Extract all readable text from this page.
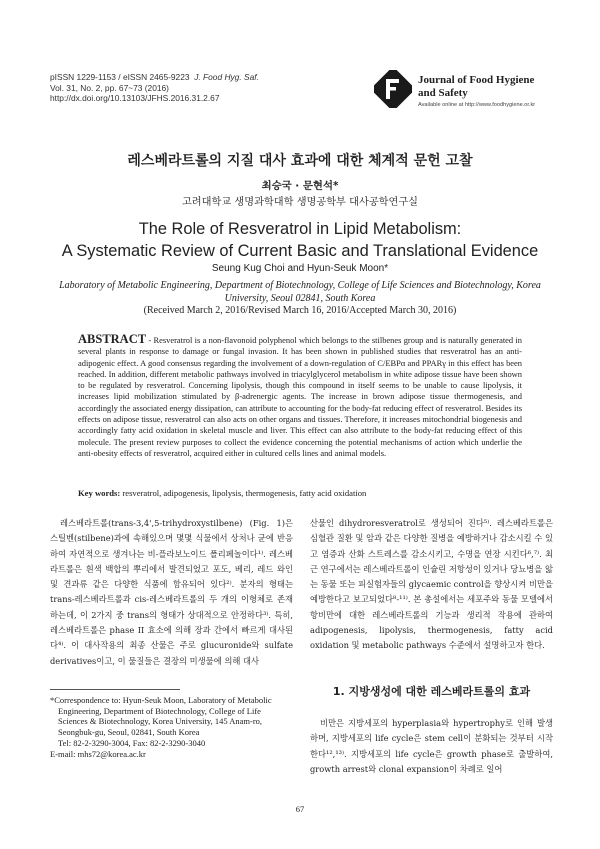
pISSN 1229-1153 / eISSN 2465-9223 J. Food Hyg. Saf.
Vol. 31, No. 2, pp. 67~73 (2016)
http://dx.doi.org/10.13103/JFHS.2016.31.2.67
Journal of Food Hygiene
and Safety
Available online at http://www.foodhygiene.or.kr
레스베라트롤의 지질 대사 효과에 대한 체계적 문헌 고찰
최승국 · 문현석*
고려대학교 생명과학대학 생명공학부 대사공학연구실
The Role of Resveratrol in Lipid Metabolism:
A Systematic Review of Current Basic and Translational Evidence
Seung Kug Choi and Hyun-Seuk Moon*
Laboratory of Metabolic Engineering, Department of Biotechnology, College of Life Sciences and Biotechnology, Korea University, Seoul 02841, South Korea
(Received March 2, 2016/Revised March 16, 2016/Accepted March 30, 2016)
ABSTRACT - Resveratrol is a non-flavonoid polyphenol which belongs to the stilbenes group and is naturally generated in several plants in response to damage or fungal invasion. It has been shown in published studies that resveratrol has an anti-adipogenic effect. A good consensus regarding the involvement of a down-regulation of C/EBPα and PPARγ in this effect has been reached. In addition, different metabolic pathways involved in triacylglycerol metabolism in white adipose tissue have been shown to be regulated by resveratrol. Concerning lipolysis, though this compound in itself seems to be unable to cause lipolysis, it increases lipid mobilization stimulated by β-adrenergic agents. The increase in brown adipose tissue thermogenesis, and accordingly the associated energy dissipation, can attribute to accounting for the body-fat reducing effect of resveratrol. Besides its effects on adipose tissue, resveratrol can also acts on other organs and tissues. Therefore, it increases mitochondrial biogenesis and accordingly fatty acid oxidation in skeletal muscle and liver. This effect can also attribute to the body-fat reducing effect of this molecule. The present review purposes to collect the evidence concerning the potential mechanisms of action which underlie the anti-obesity effects of resveratrol, acquired either in cultured cells lines and animal models.
Key words: resveratrol, adipogenesis, lipolysis, thermogenesis, fatty acid oxidation

레스베라트롤(trans-3,4',5-trihydroxystilbene) (Fig. 1)은 스틸벤(stilbene)과에 속해있으며 몇몇 식물에서 상처나 균에 반응하여 자연적으로 생겨나는 비-플라보노이드 폴리페놀이다¹⁾. 레스베라트롤은 흰색 백합의 뿌리에서 발견되었고 포도, 베리, 레드 와인 및 견과류 같은 다양한 식품에 함유되어 있다²⁾. 분자의 형태는 trans-레스베라트롤과 cis-레스베라트롤의 두 개의 이형체로 존재하는데, 이 2가지 중 trans의 형태가 상대적으로 안정하다³⁾. 특히, 레스베라트롤은 phase II 효소에 의해 장과 간에서 빠르게 대사된다⁴⁾. 이 대사작용의 최종 산물은 주로 glucuronide와 sulfate derivatives이고, 이 물질들은 결장의 미생물에 의해 대사

*Correspondence to: Hyun-Seuk Moon, Laboratory of Metabolic
Engineering, Department of Biotechnology, College of Life
Sciences & Biotechnology, Korea University, 145 Anam-ro,
Seongbuk-gu, Seoul, 02841, South Korea
Tel: 82-2-3290-3004, Fax: 82-2-3290-3040
E-mail: mhs72@korea.ac.kr

산물인 dihydroresveratrol로 생성되어 진다⁵⁾. 레스베라트롤은 심혈관 질환 및 암과 같은 다양한 질병을 예방하거나 감소시킬 수 있고 염증과 산화 스트레스를 감소시키고, 수명을 연장 시킨다⁶,⁷⁾. 최근 연구에서는 레스베라트롤이 인슐린 저항성이 있거나 당뇨병을 앓는 동물 또는 피실험자들의 glycaemic control을 향상시켜 비만을 예방한다고 보고되었다⁸-¹¹⁾. 본 총설에서는 세포주와 동물 모델에서 항비만에 대한 레스베라트롤의 기능과 생리적 작용에 관하여 adipogenesis, lipolysis, thermogenesis, fatty acid oxidation 및 metabolic pathways 수준에서 설명하고자 한다.

1. 지방생성에 대한 레스베라트롤의 효과

비만은 지방세포의 hyperplasia와 hypertrophy로 인해 발생하며, 지방세포의 life cycle은 stem cell이 분화되는 것부터 시작한다¹²,¹³⁾. 지방세포의 life cycle은 growth phase로 출발하여, growth arrest와 clonal expansion이 차례로 일어

67
